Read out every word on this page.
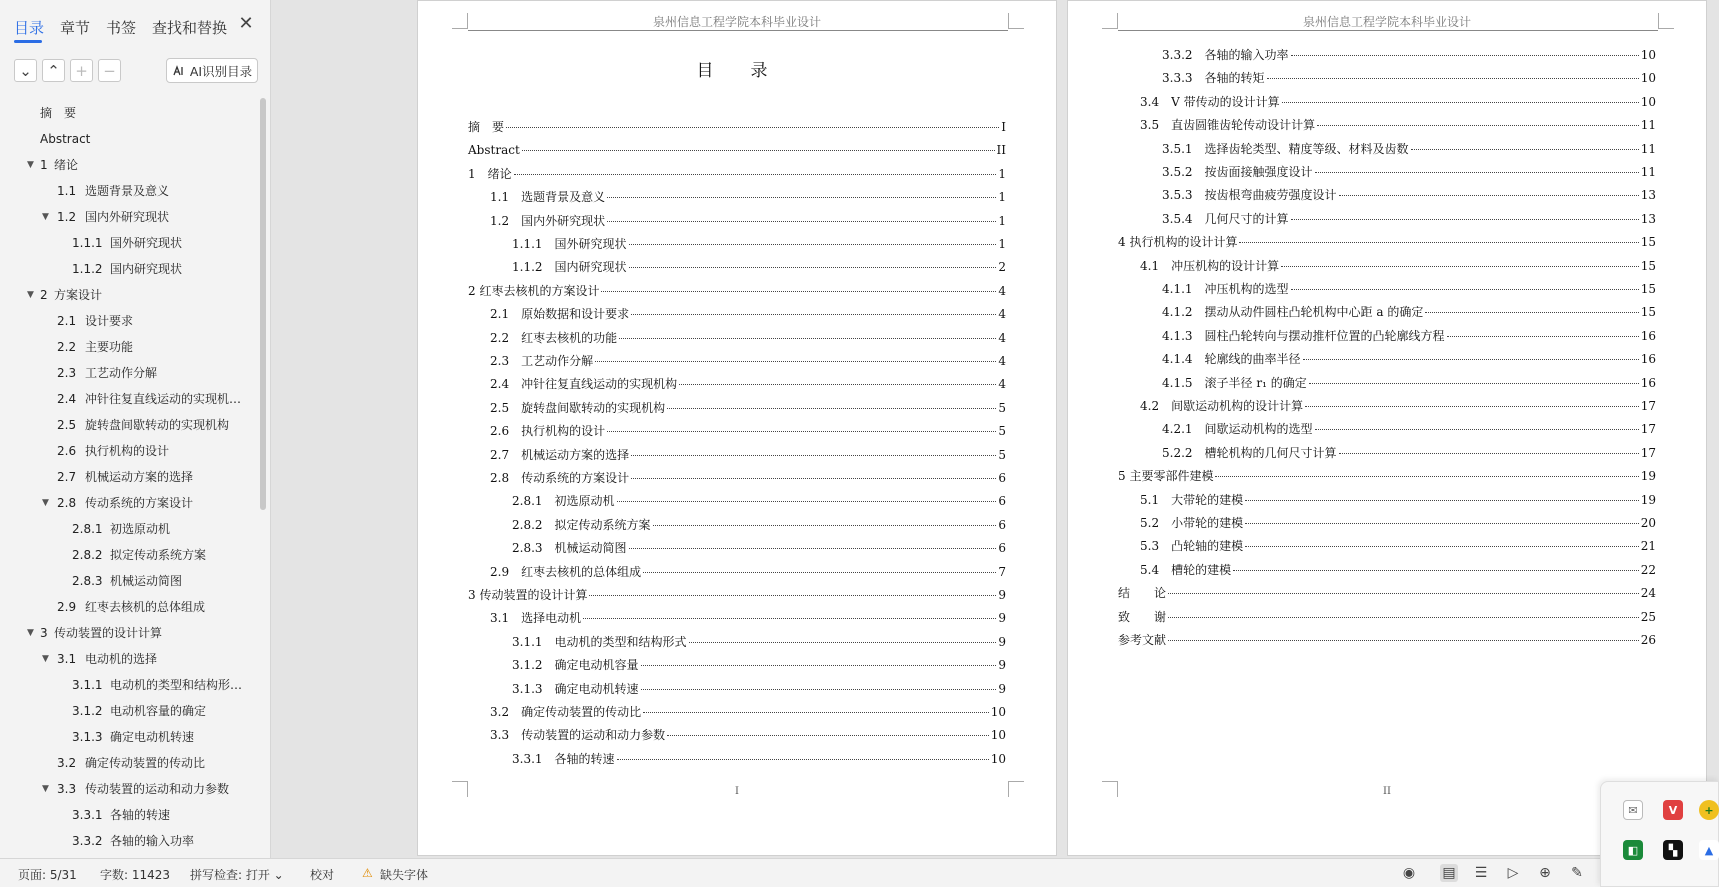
目录 章节 书签 查找和替换 ✕
⌄ ⌃ + −	AI识别目录
摘　要
Abstract
▼ 1 绪论
1.1 选题背景及意义
▼ 1.2 国内外研究现状
1.1.1 国外研究现状
1.1.2 国内研究现状
▼ 2 方案设计
2.1 设计要求
2.2 主要功能
2.3 工艺动作分解
2.4 冲针往复直线运动的实现机…
2.5 旋转盘间歇转动的实现机构
2.6 执行机构的设计
2.7 机械运动方案的选择
▼ 2.8 传动系统的方案设计
2.8.1 初选原动机
2.8.2 拟定传动系统方案
2.8.3 机械运动简图
2.9 红枣去核机的总体组成
▼ 3 传动装置的设计计算
▼ 3.1 电动机的选择
3.1.1 电动机的类型和结构形…
3.1.2 电动机容量的确定
3.1.3 确定电动机转速
3.2 确定传动装置的传动比
▼ 3.3 传动装置的运动和动力参数
3.3.1 各轴的转速
3.3.2 各轴的输入功率
泉州信息工程学院本科毕业设计
目　录
摘　要	I
Abstract	II
1　绪论	1
1.1　选题背景及意义	1
1.2　国内外研究现状	1
1.1.1　国外研究现状	1
1.1.2　国内研究现状	2
2 红枣去核机的方案设计	4
2.1　原始数据和设计要求	4
2.2　红枣去核机的功能	4
2.3　工艺动作分解	4
2.4　冲针往复直线运动的实现机构	4
2.5　旋转盘间歇转动的实现机构	5
2.6　执行机构的设计	5
2.7　机械运动方案的选择	5
2.8　传动系统的方案设计	6
2.8.1　初选原动机	6
2.8.2　拟定传动系统方案	6
2.8.3　机械运动简图	6
2.9　红枣去核机的总体组成	7
3 传动装置的设计计算	9
3.1　选择电动机	9
3.1.1　电动机的类型和结构形式	9
3.1.2　确定电动机容量	9
3.1.3　确定电动机转速	9
3.2　确定传动装置的传动比	10
3.3　传动装置的运动和动力参数	10
3.3.1　各轴的转速	10
I
泉州信息工程学院本科毕业设计
3.3.2　各轴的输入功率	10
3.3.3　各轴的转矩	10
3.4　V 带传动的设计计算	10
3.5　直齿圆锥齿轮传动设计计算	11
3.5.1　选择齿轮类型、精度等级、材料及齿数	11
3.5.2　按齿面接触强度设计	11
3.5.3　按齿根弯曲疲劳强度设计	13
3.5.4　几何尺寸的计算	13
4 执行机构的设计计算	15
4.1　冲压机构的设计计算	15
4.1.1　冲压机构的选型	15
4.1.2　摆动从动件圆柱凸轮机构中心距 a 的确定	15
4.1.3　圆柱凸轮转向与摆动推杆位置的凸轮廓线方程	16
4.1.4　轮廓线的曲率半径	16
4.1.5　滚子半径 r₁ 的确定	16
4.2　间歇运动机构的设计计算	17
4.2.1　间歇运动机构的选型	17
5.2.2　槽轮机构的几何尺寸计算	17
5 主要零部件建模	19
5.1　大带轮的建模	19
5.2　小带轮的建模	20
5.3　凸轮轴的建模	21
5.4　槽轮的建模	22
结　　论	24
致　　谢	25
参考文献	26
II
页面: 5/31 字数: 11423 拼写检查: 打开 ⌄ 校对 ⚠ 缺失字体	◉ ▤ ☰ ▷ ⊕ ✎
✉	V	+
◧	▚	▲
